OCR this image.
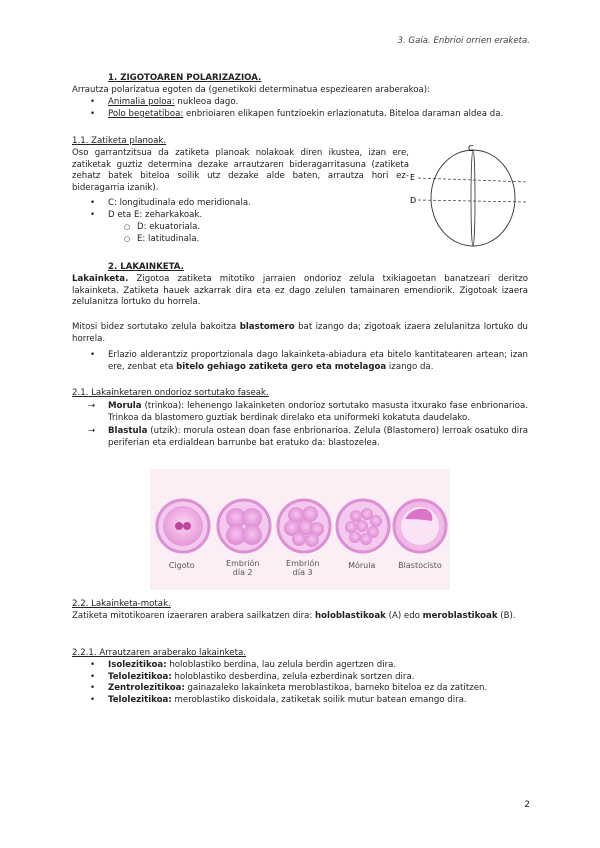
3. Gaia. Enbrioi orrien eraketa.
1. ZIGOTOAREN POLARIZAZIOA.
Arrautza polarizatua egoten da (genetikoki determinatua espeziearen araberakoa):
• Animalia poloa: nukleoa dago.
• Polo begetatiboa: enbrioiaren elikapen funtzioekin erlazionatuta. Biteloa daraman aldea da.
1.1. Zatiketa planoak.
Oso garrantzitsua da zatiketa planoak nolakoak diren ikustea, izan ere, zatiketak guztiz determina dezake arrautzaren bideragarritasuna (zatiketa zehatz batek biteloa soilik utz dezake alde baten, arrautza hori ez-bideragarria izanik).
• C: longitudinala edo meridionala.
• D eta E: zeharkakoak.
○ D: ekuatoriala.
○ E: latitudinala.
C
E
D
2. LAKAINKETA.
Lakainketa. Zigotoa zatiketa mitotiko jarraien ondorioz zelula txikiagoetan banatzeari deritzo lakainketa. Zatiketa hauek azkarrak dira eta ez dago zelulen tamainaren emendiorik. Zigotoak izaera zelulanitza lortuko du horrela.
Mitosi bidez sortutako zelula bakoitza blastomero bat izango da; zigotoak izaera zelulanitza lortuko du horrela.
• Erlazio alderantziz proportzionala dago lakainketa-abiadura eta bitelo kantitatearen artean; izan ere, zenbat eta bitelo gehiago zatiketa gero eta motelagoa izango da.
2.1. Lakainketaren ondorioz sortutako faseak.
→ Morula (trinkoa): lehenengo lakainketen ondorioz sortutako masusta itxurako fase enbrionarioa. Trinkoa da blastomero guztiak berdinak direlako eta uniformeki kokatuta daudelako.
→ Blastula (utzik): morula ostean doan fase enbrionarioa. Zelula (Blastomero) lerroak osatuko dira periferian eta erdialdean barrunbe bat eratuko da: blastozelea.
Cigoto	Embrión día 2 Embrión día 3 Mórula	Blastocisto
2.2. Lakainketa-motak.
Zatiketa mitotikoaren izaeraren arabera sailkatzen dira: holoblastikoak (A) edo meroblastikoak (B).
2.2.1. Arrautzaren araberako lakainketa.
• Isolezitikoa: holoblastiko berdina, lau zelula berdin agertzen dira.
• Telolezitikoa: holoblastiko desberdina, zelula ezberdinak sortzen dira.
• Zentrolezitikoa: gainazaleko lakainketa meroblastikoa, barneko biteloa ez da zatitzen.
• Telolezitikoa: meroblastiko diskoidala, zatiketak soilik mutur batean emango dira.
2
